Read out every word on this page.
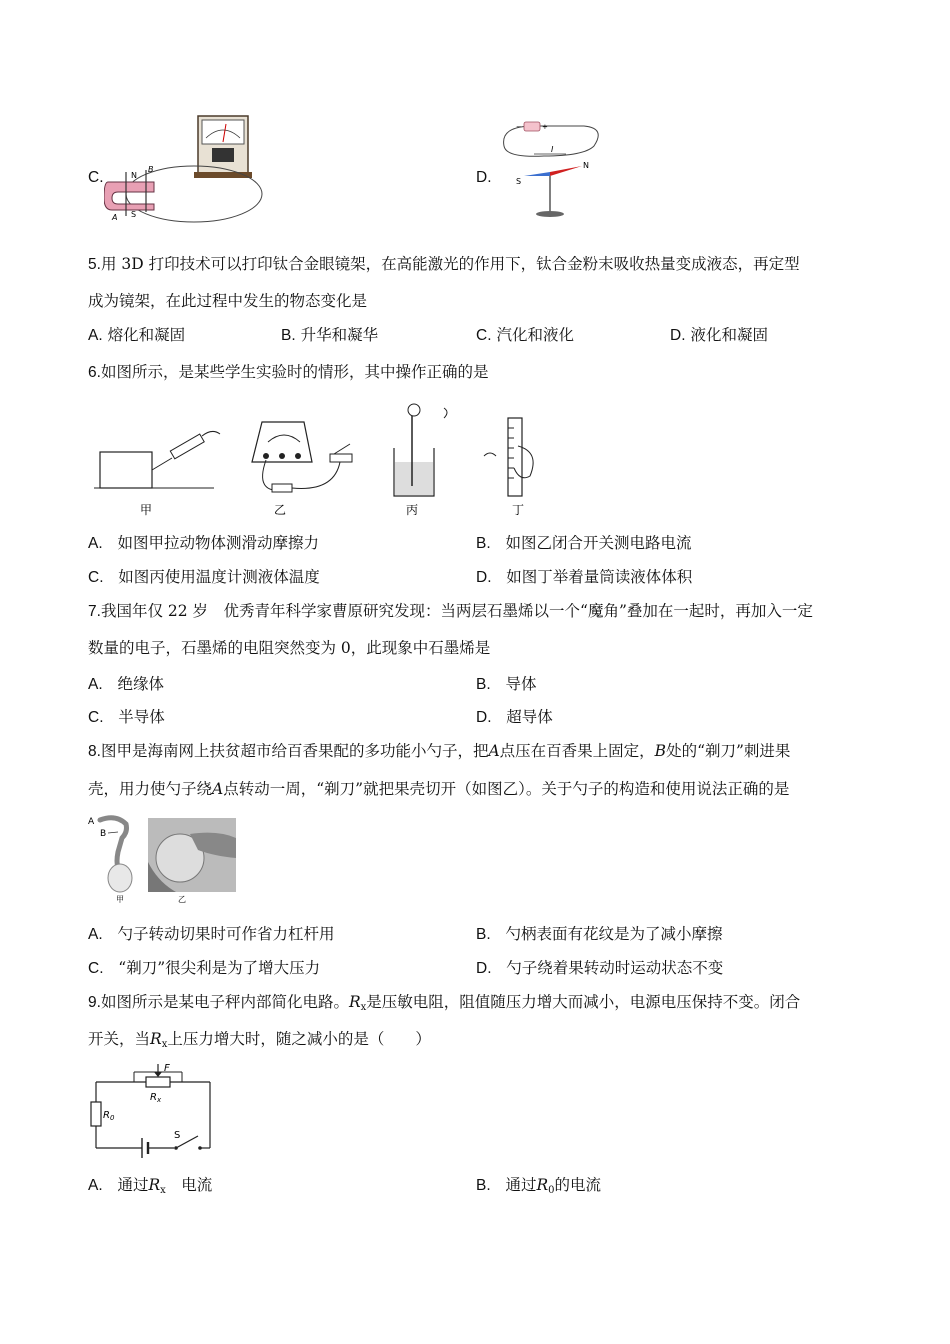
C.	N
S
A
B	D.
−	+
I
S
N
5.用 3D 打印技术可以打印钛合金眼镜架，在高能激光的作用下，钛合金粉末吸收热量变成液态，再定型
成为镜架，在此过程中发生的物态变化是
A. 熔化和凝固	B. 升华和凝华	C. 汽化和液化	D. 液化和凝固
6.如图所示，是某些学生实验时的情形，其中操作正确的是
甲	乙	丙	丁
A. 如图甲拉动物体测滑动摩擦力	B. 如图乙闭合开关测电路电流
C. 如图丙使用温度计测液体温度	D. 如图丁举着量筒读液体体积
7.我国年仅 22 岁　优秀青年科学家曹原研究发现：当两层石墨烯以一个“魔角”叠加在一起时，再加入一定
数量的电子，石墨烯的电阻突然变为 0，此现象中石墨烯是
A. 绝缘体	B. 导体
C. 半导体	D. 超导体
8.图甲是海南网上扶贫超市给百香果配的多功能小勺子，把A点压在百香果上固定，B处的“剃刀”刺进果
壳，用力使勺子绕A点转动一周，“剃刀”就把果壳切开（如图乙）。关于勺子的构造和使用说法正确的是
A
B
甲	乙
A. 勺子转动切果时可作省力杠杆用	B. 勺柄表面有花纹是为了减小摩擦
C. “剃刀”很尖利是为了增大压力	D. 勺子绕着果转动时运动状态不变
9.如图所示是某电子秤内部简化电路。$R_x$是压敏电阻，阻值随压力增大而减小，电源电压保持不变。闭合
开关，当$R_x$上压力增大时，随之减小的是（　　）
F
$R_x$
$R_0$
S
A. 通过$R_x$　电流	B. 通过$R_0$的电流
